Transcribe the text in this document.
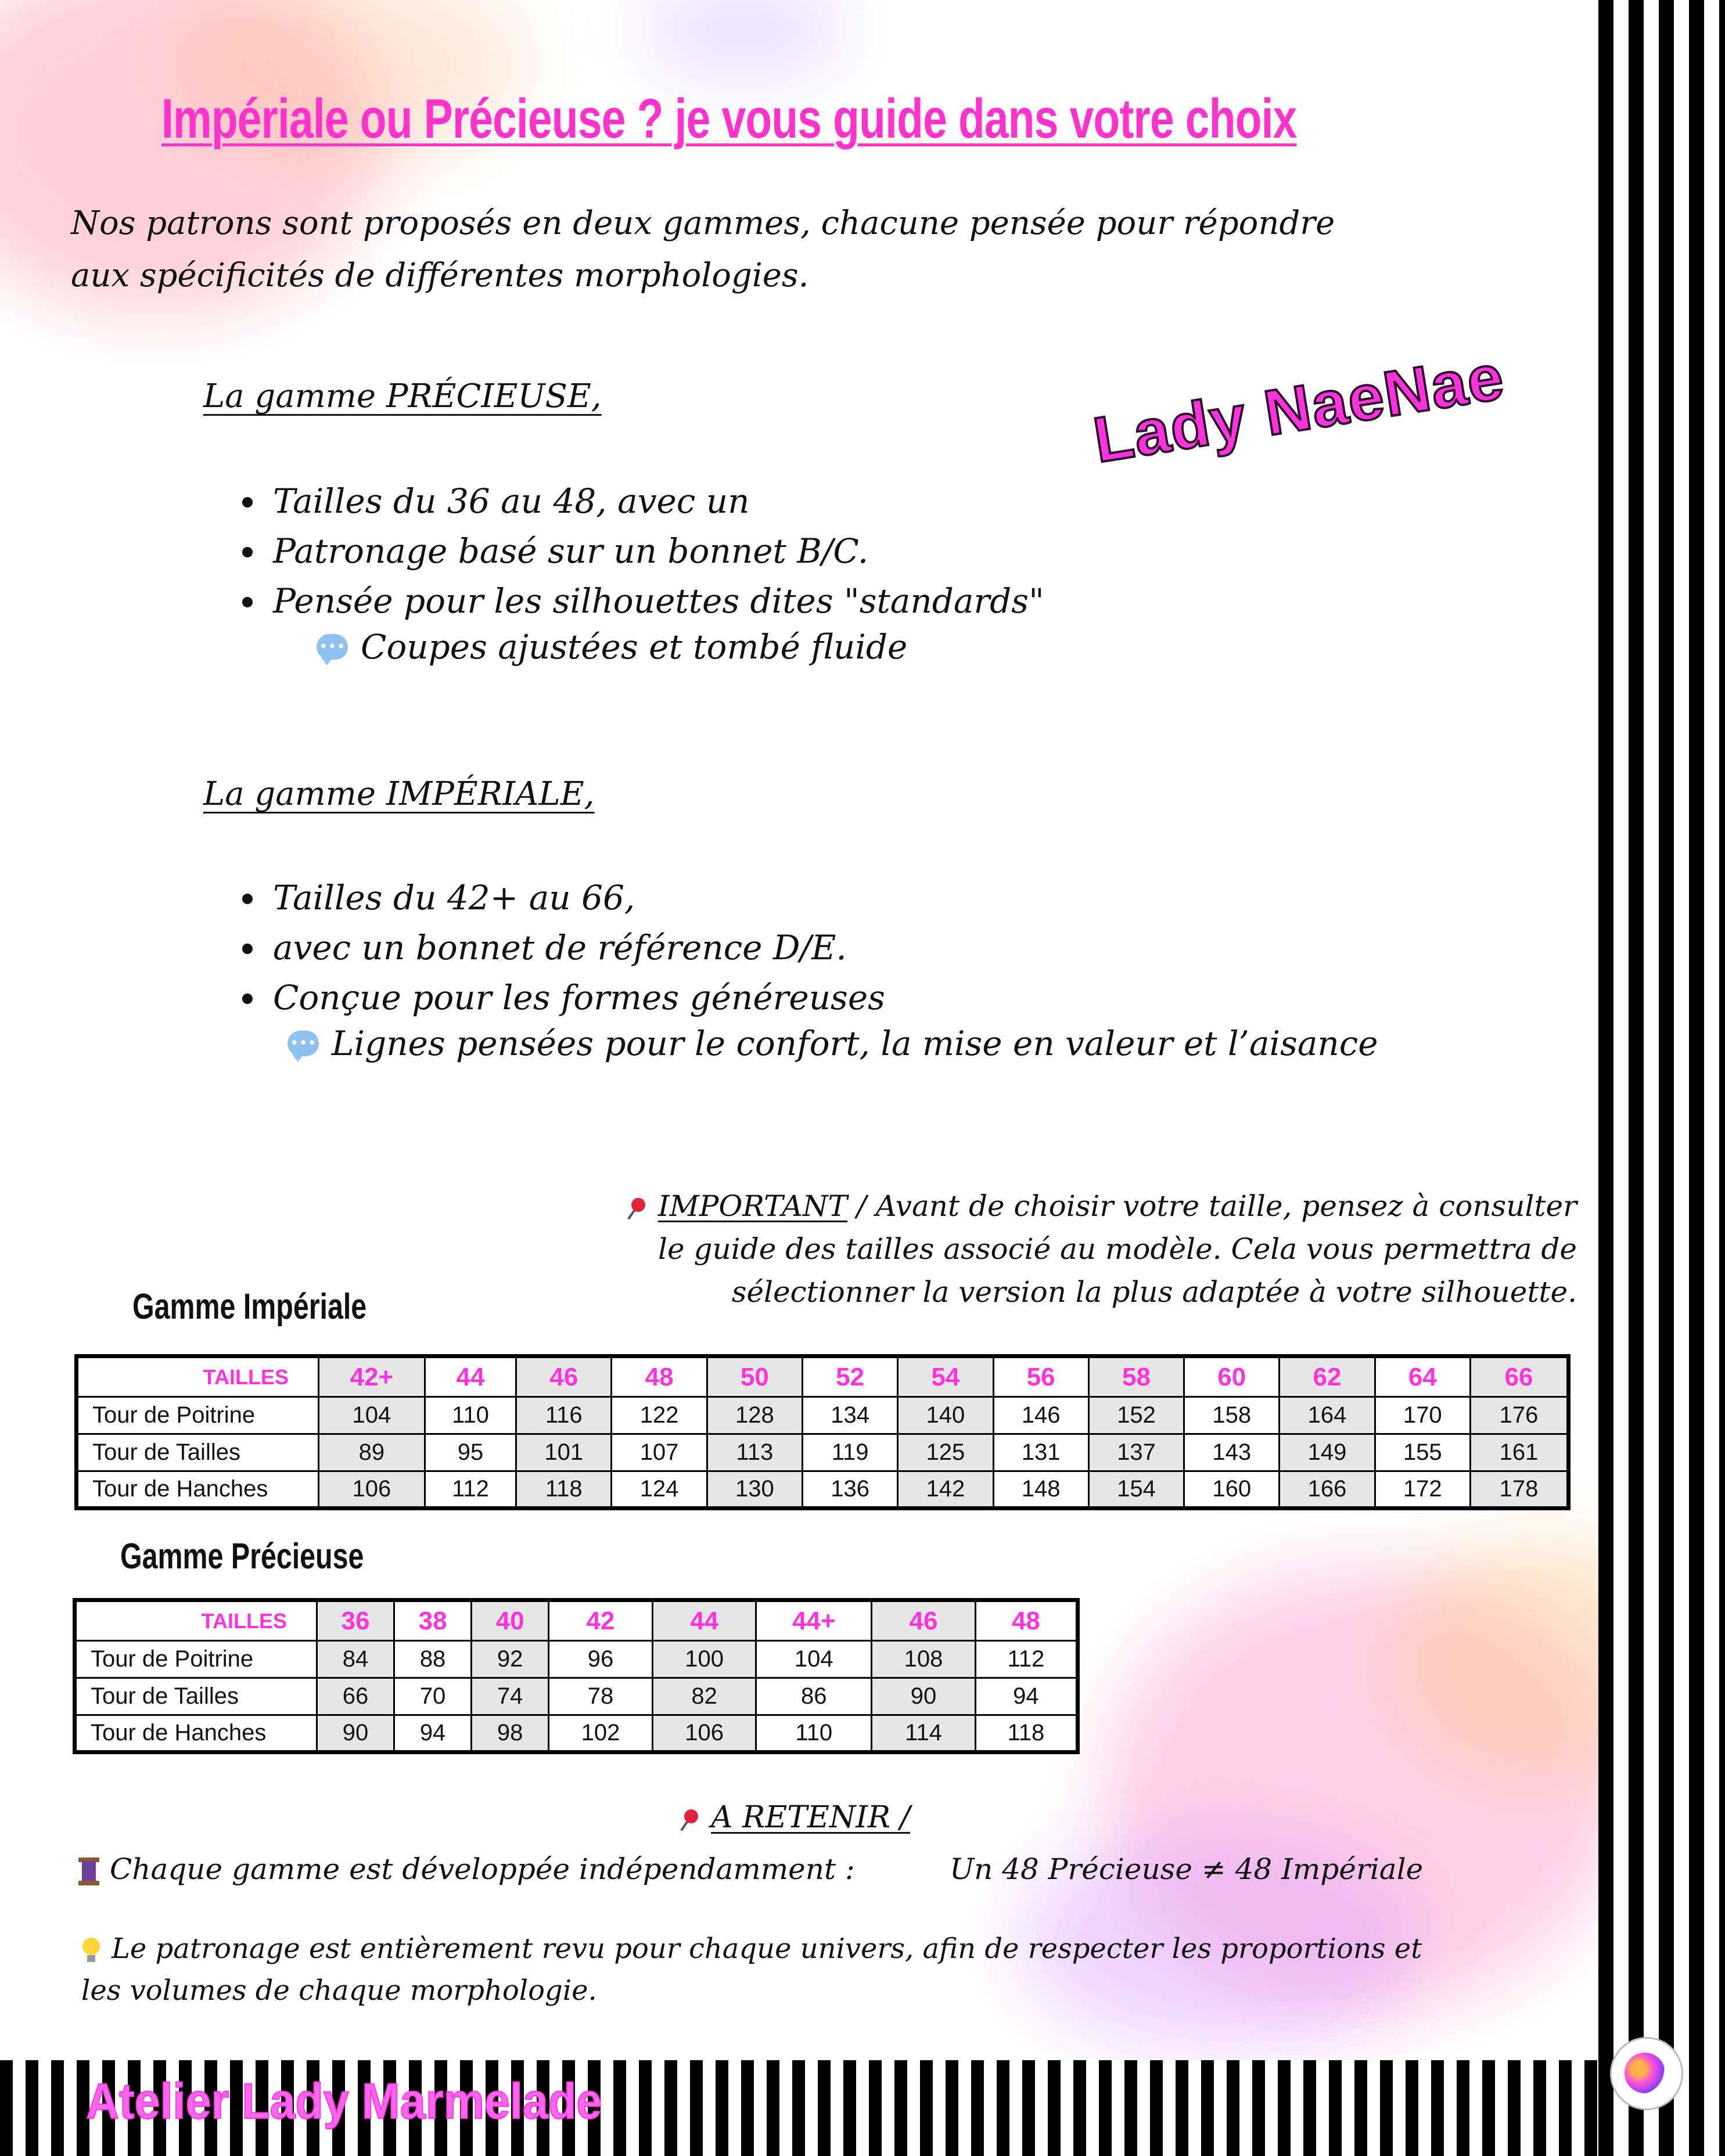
Impériale ou Précieuse ? je vous guide dans votre choix
Nos patrons sont proposés en deux gammes, chacune pensée pour répondre
aux spécificités de différentes morphologies.
Lady NaeNae
La gamme PRÉCIEUSE,
• Tailles du 36 au 48, avec un
• Patronage basé sur un bonnet B/C.
• Pensée pour les silhouettes dites "standards"
••• Coupes ajustées et tombé fluide
La gamme IMPÉRIALE,
• Tailles du 42+ au 66,
• avec un bonnet de référence D/E.
• Conçue pour les formes généreuses
••• Lignes pensées pour le confort, la mise en valeur et l’aisance
IMPORTANT / Avant de choisir votre taille, pensez à consulter
le guide des tailles associé au modèle. Cela vous permettra de
sélectionner la version la plus adaptée à votre silhouette.
Gamme Impériale
TAILLES	42+	44	46	48	50	52	54	56	58	60	62	64	66
Tour de Poitrine	104	110	116	122	128	134	140	146	152	158	164	170	176
Tour de Tailles	89	95	101	107	113	119	125	131	137	143	149	155	161
Tour de Hanches	106	112	118	124	130	136	142	148	154	160	166	172	178
Gamme Précieuse
TAILLES	36	38	40	42	44	44+	46	48
Tour de Poitrine	84	88	92	96	100	104	108	112
Tour de Tailles	66	70	74	78	82	86	90	94
Tour de Hanches	90	94	98	102	106	110	114	118
A RETENIR /
Chaque gamme est développée indépendamment :	Un 48 Précieuse ≠ 48 Impériale
Le patronage est entièrement revu pour chaque univers, afin de respecter les proportions et
les volumes de chaque morphologie.
Atelier Lady Marmelade
